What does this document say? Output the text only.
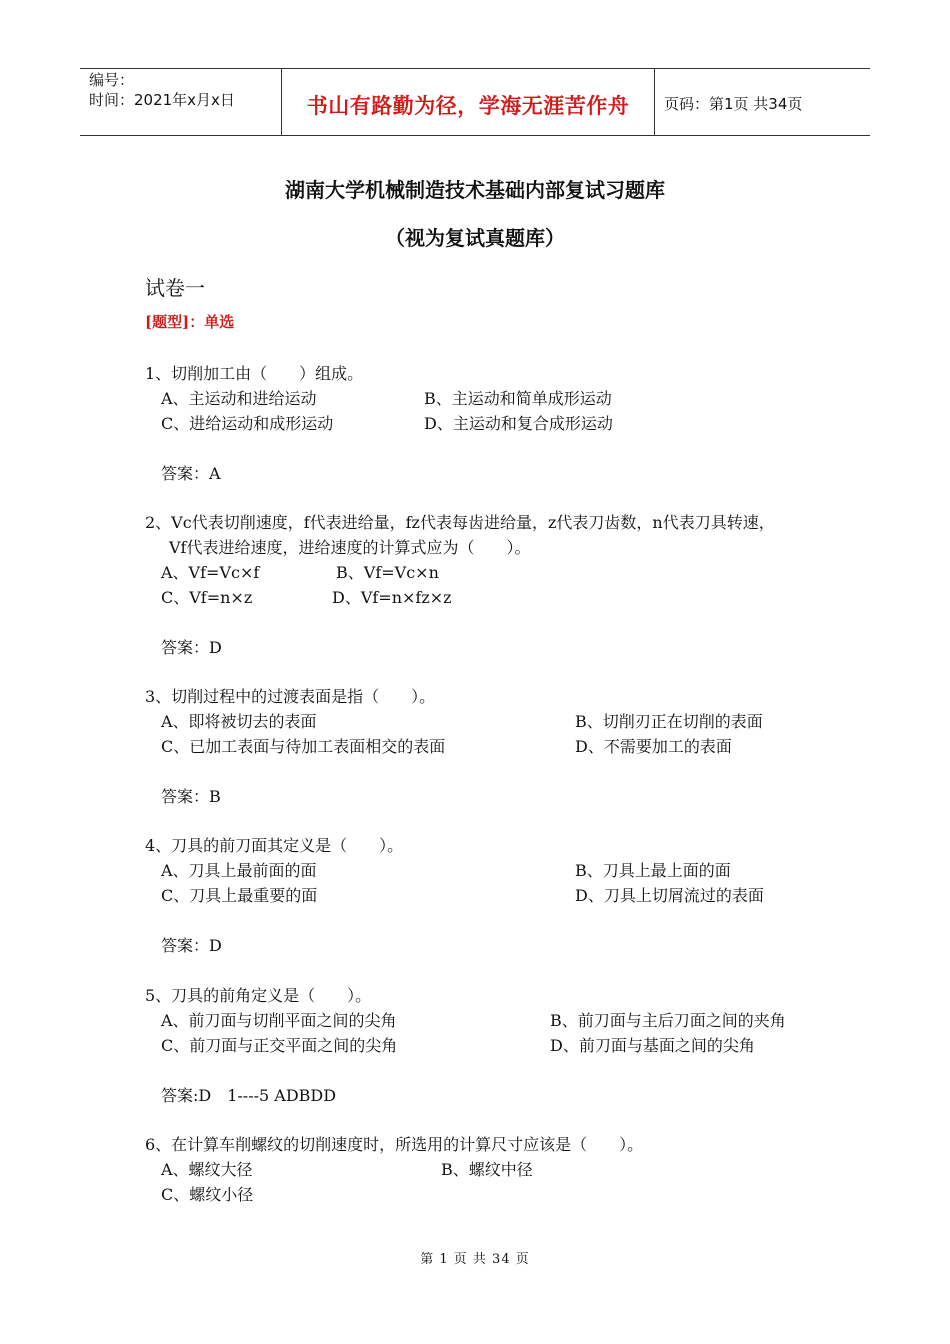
编号：
时间：2021年x月x日	书山有路勤为径，学海无涯苦作舟	页码：第1页 共34页
湖南大学机械制造技术基础内部复试习题库
（视为复试真题库）
试卷一
[题型]：单选
1、切削加工由（　　）组成。
A、主运动和进给运动	B、主运动和简单成形运动
C、进给运动和成形运动	D、主运动和复合成形运动
答案：A
2、Vc代表切削速度，f代表进给量，fz代表每齿进给量，z代表刀齿数，n代表刀具转速，
Vf代表进给速度，进给速度的计算式应为（　　）。
A、Vf=Vc×f	B、Vf=Vc×n
C、Vf=n×z	D、Vf=n×fz×z
答案：D
3、切削过程中的过渡表面是指（　　）。
A、即将被切去的表面	B、切削刃正在切削的表面
C、已加工表面与待加工表面相交的表面	D、不需要加工的表面
答案：B
4、刀具的前刀面其定义是（　　）。
A、刀具上最前面的面	B、刀具上最上面的面
C、刀具上最重要的面	D、刀具上切屑流过的表面
答案：D
5、刀具的前角定义是（　　）。
A、前刀面与切削平面之间的尖角	B、前刀面与主后刀面之间的夹角
C、前刀面与正交平面之间的尖角	D、前刀面与基面之间的尖角
答案:D　1----5 ADBDD
6、在计算车削螺纹的切削速度时，所选用的计算尺寸应该是（　　）。
A、螺纹大径	B、螺纹中径
C、螺纹小径
第 1 页 共 34 页
